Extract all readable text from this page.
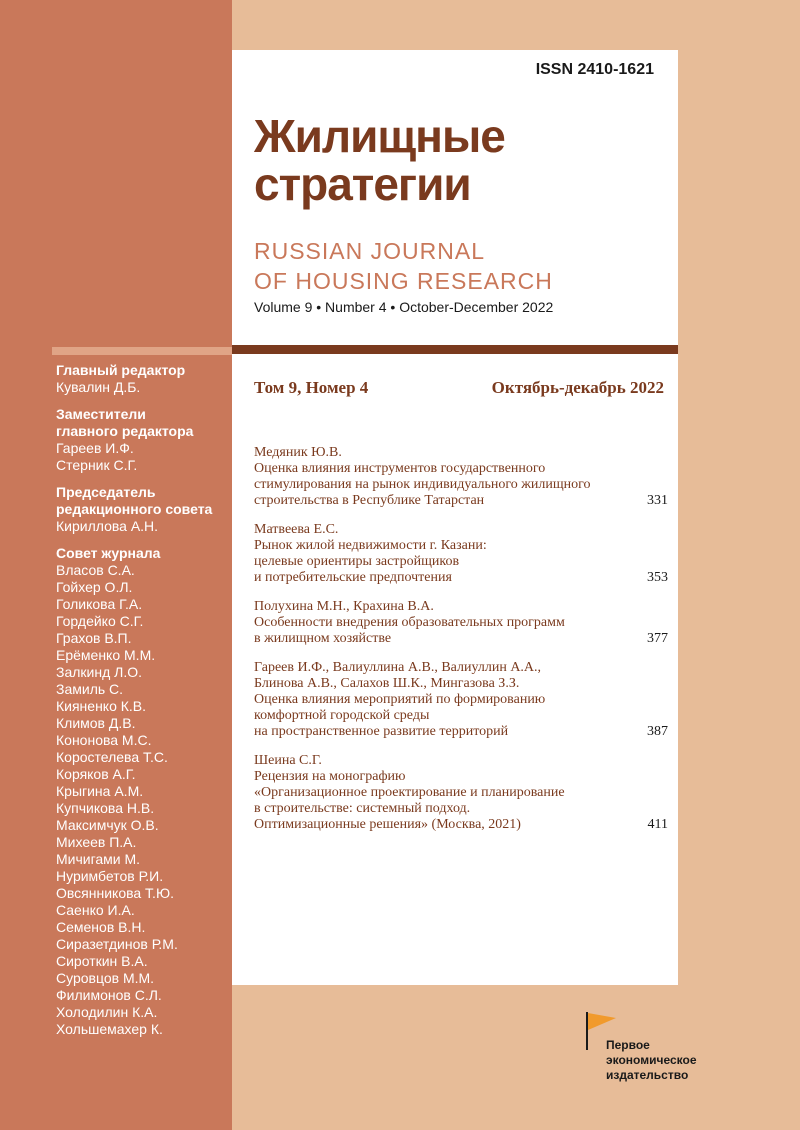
Главный редактор
Кувалин Д.Б.
Заместители
главного редактора
Гареев И.Ф.
Стерник С.Г.
Председатель
редакционного совета
Кириллова А.Н.
Совет журнала
Власов С.А.
Гойхер О.Л.
Голикова Г.А.
Гордейко С.Г.
Грахов В.П.
Ерёменко М.М.
Залкинд Л.О.
Замиль С.
Кияненко К.В.
Климов Д.В.
Кононова М.С.
Коростелева Т.С.
Коряков А.Г.
Крыгина А.М.
Купчикова Н.В.
Максимчук О.В.
Михеев П.А.
Мичигами М.
Нуримбетов Р.И.
Овсянникова Т.Ю.
Саенко И.А.
Семенов В.Н.
Сиразетдинов Р.М.
Сироткин В.А.
Суровцов М.М.
Филимонов С.Л.
Холодилин К.А.
Хольшемахер К.
ISSN 2410-1621
Жилищные
стратегии
RUSSIAN JOURNAL
OF HOUSING RESEARCH
Volume 9 • Number 4 • October-December 2022
Том 9, Номер 4	Октябрь-декабрь 2022
Медяник Ю.В.
Оценка влияния инструментов государственного
стимулирования на рынок индивидуального жилищного
строительства в Республике Татарстан	331
Матвеева Е.С.
Рынок жилой недвижимости г. Казани:
целевые ориентиры застройщиков
и потребительские предпочтения	353
Полухина М.Н., Крахина В.А.
Особенности внедрения образовательных программ
в жилищном хозяйстве	377
Гареев И.Ф., Валиуллина А.В., Валиуллин А.А.,
Блинова А.В., Салахов Ш.К., Мингазова З.З.
Оценка влияния мероприятий по формированию
комфортной городской среды
на пространственное развитие территорий	387
Шеина С.Г.
Рецензия на монографию
«Организационное проектирование и планирование
в строительстве: системный подход.
Оптимизационные решения» (Москва, 2021)	411
Первое
экономическое
издательство
